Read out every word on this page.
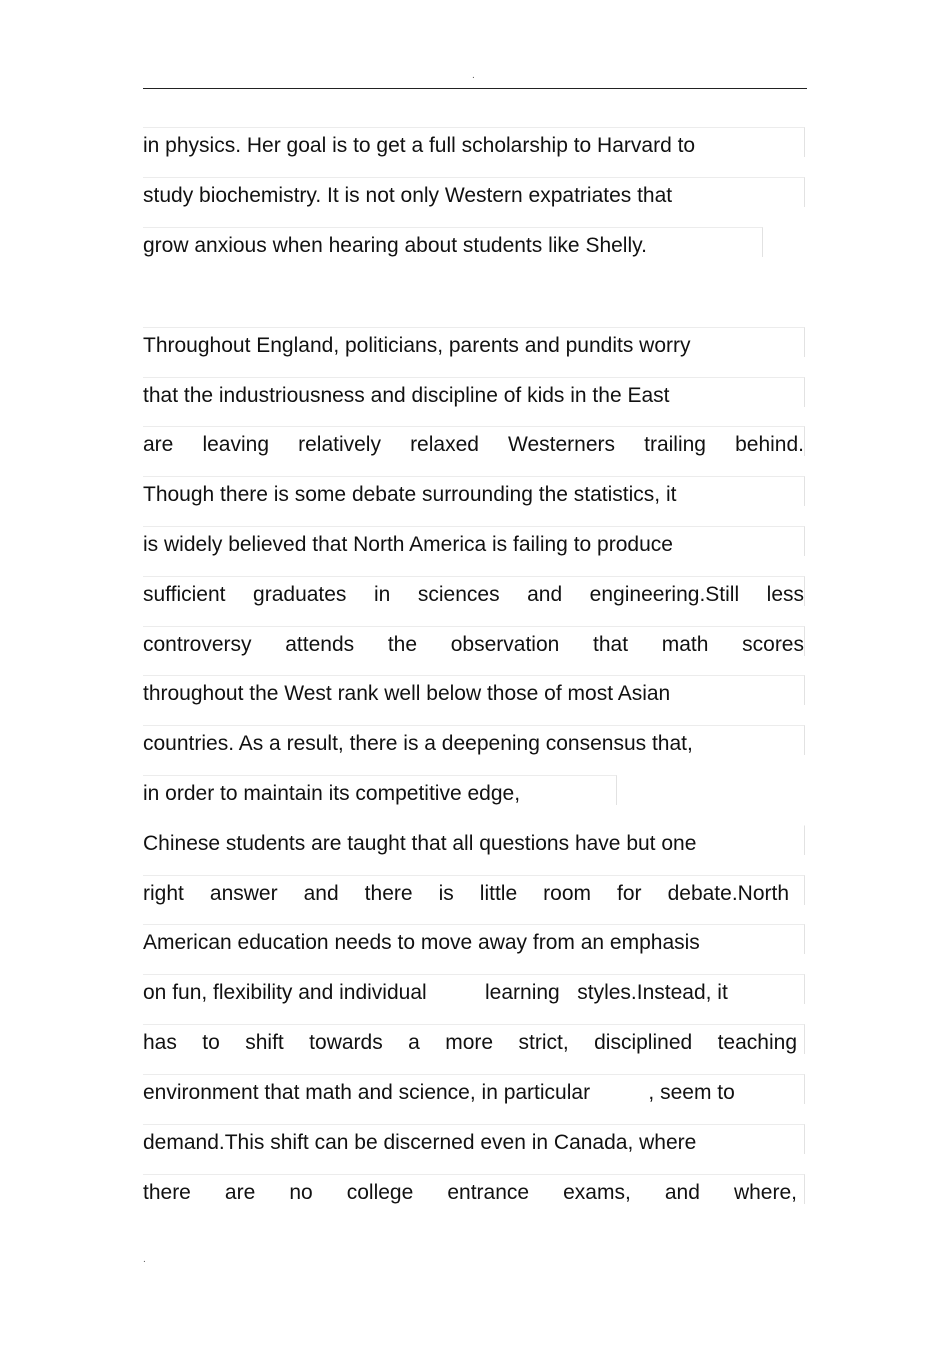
.
in physics. Her goal is to get a full scholarship to Harvard to
study biochemistry. It is not only Western expatriates that
grow anxious when hearing about students like Shelly.
Throughout England, politicians, parents and pundits worry
that the industriousness and discipline of kids in the East
are leaving relatively relaxed Westerners trailing behind.
Though there is some debate surrounding the statistics, it
is widely believed that North America is failing to produce
sufficient graduates in sciences and engineering.Still less
controversy attends the observation that math scores
throughout the West rank well below those of most Asian
countries. As a result, there is a deepening consensus that,
in order to maintain its competitive edge,
Chinese students are taught that all questions have but one
right answer and there is little room for debate.North
American education needs to move away from an emphasis
on fun, flexibility and individual          learning   styles.Instead, it
has to shift towards a more strict, disciplined teaching
environment that math and science, in particular          , seem to
demand.This shift can be discerned even in Canada, where
there are no college entrance exams, and where,
.
